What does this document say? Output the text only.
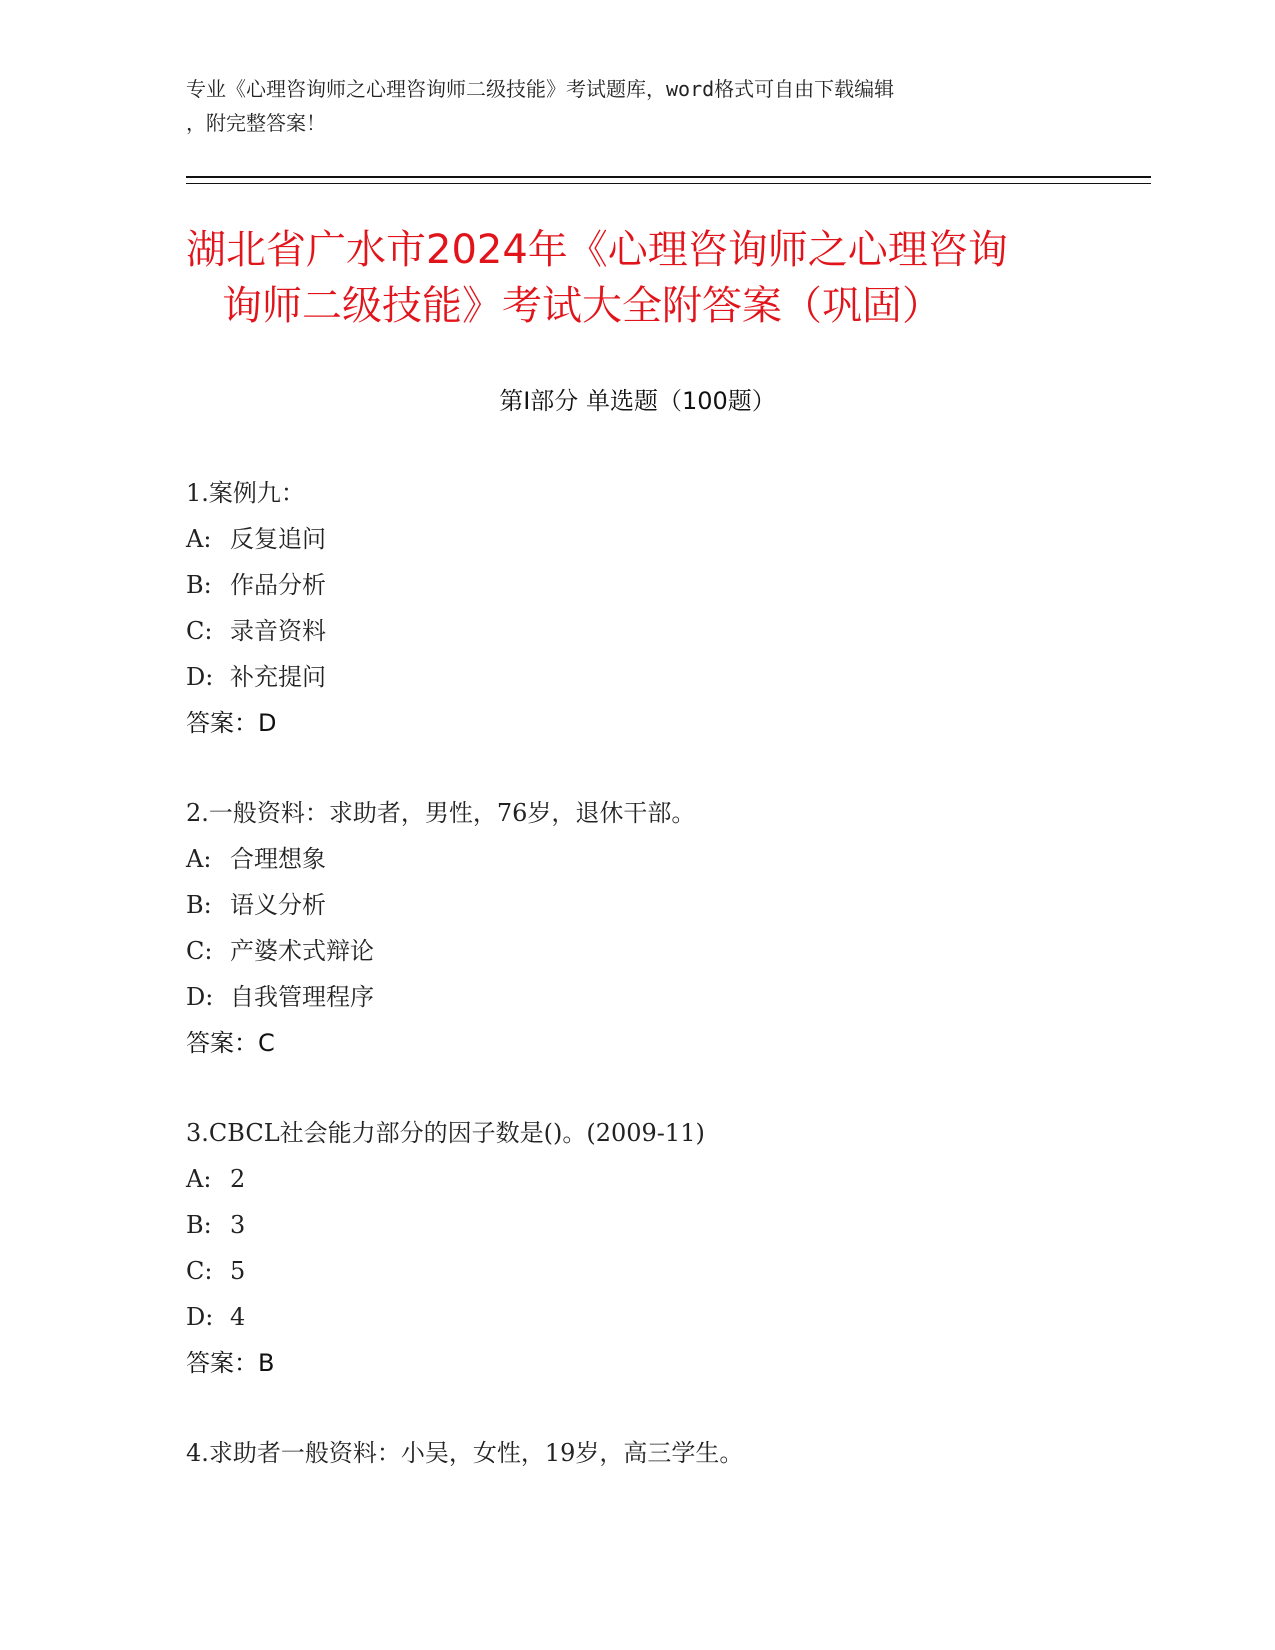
专业《心理咨询师之心理咨询师二级技能》考试题库，word格式可自由下载编辑
，附完整答案！
湖北省广水市2024年《心理咨询师之心理咨询
询师二级技能》考试大全附答案（巩固）
第Ⅰ部分 单选题（100题）
1.案例九：
A: 反复追问
B: 作品分析
C: 录音资料
D: 补充提问
答案：D
2.一般资料：求助者，男性，76岁，退休干部。
A: 合理想象
B: 语义分析
C: 产婆术式辩论
D: 自我管理程序
答案：C
3.CBCL社会能力部分的因子数是()。(2009-11)
A: 2
B: 3
C: 5
D: 4
答案：B
4.求助者一般资料：小吴，女性，19岁，高三学生。
